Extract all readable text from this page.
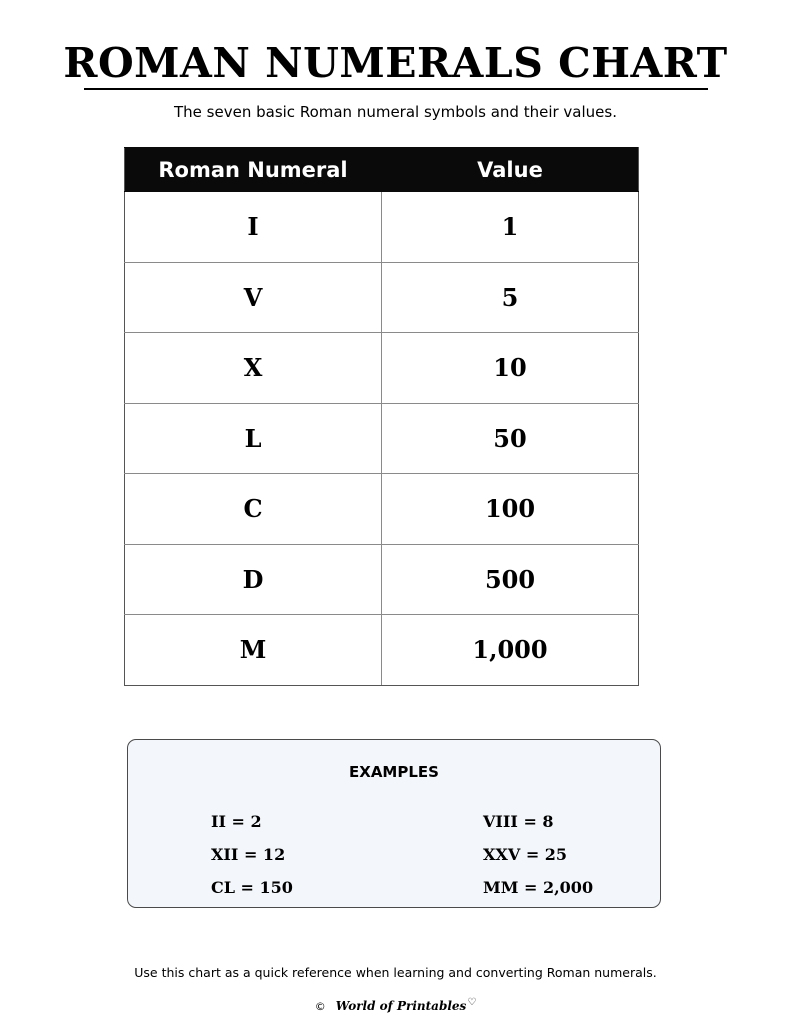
ROMAN NUMERALS CHART
The seven basic Roman numeral symbols and their values.
Roman Numeral	Value
I	1
V	5
X	10
L	50
C	100
D	500
M	1,000
EXAMPLES
II = 2
XII = 12
CL = 150
VIII = 8
XXV = 25
MM = 2,000
Use this chart as a quick reference when learning and converting Roman numerals.
© World of Printables♡
